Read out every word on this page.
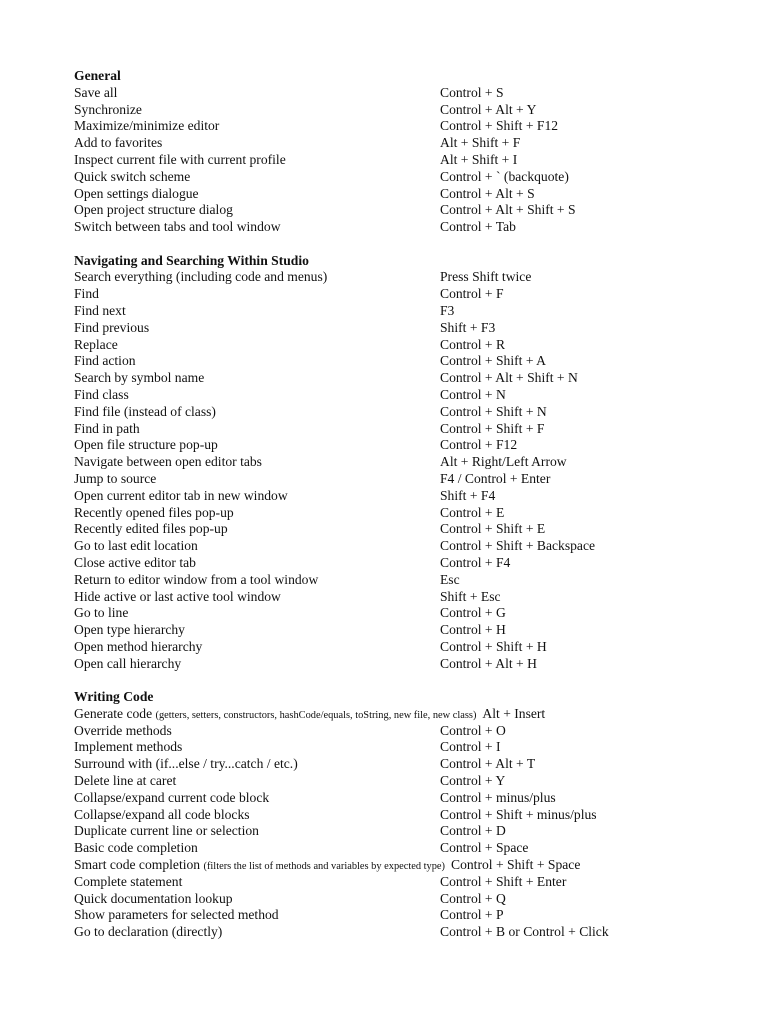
General
Save all	Control + S
Synchronize	Control + Alt + Y
Maximize/minimize editor	Control + Shift + F12
Add to favorites	Alt + Shift + F
Inspect current file with current profile	Alt + Shift + I
Quick switch scheme	Control + ` (backquote)
Open settings dialogue	Control + Alt + S
Open project structure dialog	Control + Alt + Shift + S
Switch between tabs and tool window	Control + Tab
Navigating and Searching Within Studio
Search everything (including code and menus)	Press Shift twice
Find	Control + F
Find next	F3
Find previous	Shift + F3
Replace	Control + R
Find action	Control + Shift + A
Search by symbol name	Control + Alt + Shift + N
Find class	Control + N
Find file (instead of class)	Control + Shift + N
Find in path	Control + Shift + F
Open file structure pop-up	Control + F12
Navigate between open editor tabs	Alt + Right/Left Arrow
Jump to source	F4 / Control + Enter
Open current editor tab in new window	Shift + F4
Recently opened files pop-up	Control + E
Recently edited files pop-up	Control + Shift + E
Go to last edit location	Control + Shift + Backspace
Close active editor tab	Control + F4
Return to editor window from a tool window	Esc
Hide active or last active tool window	Shift + Esc
Go to line	Control + G
Open type hierarchy	Control + H
Open method hierarchy	Control + Shift + H
Open call hierarchy	Control + Alt + H
Writing Code
Generate code (getters, setters, constructors, hashCode/equals, toString, new file, new class) Alt + Insert
Override methods	Control + O
Implement methods	Control + I
Surround with (if...else / try...catch / etc.)	Control + Alt + T
Delete line at caret	Control + Y
Collapse/expand current code block	Control + minus/plus
Collapse/expand all code blocks	Control + Shift + minus/plus
Duplicate current line or selection	Control + D
Basic code completion	Control + Space
Smart code completion (filters the list of methods and variables by expected type) Control + Shift + Space
Complete statement	Control + Shift + Enter
Quick documentation lookup	Control + Q
Show parameters for selected method	Control + P
Go to declaration (directly)	Control + B or Control + Click
